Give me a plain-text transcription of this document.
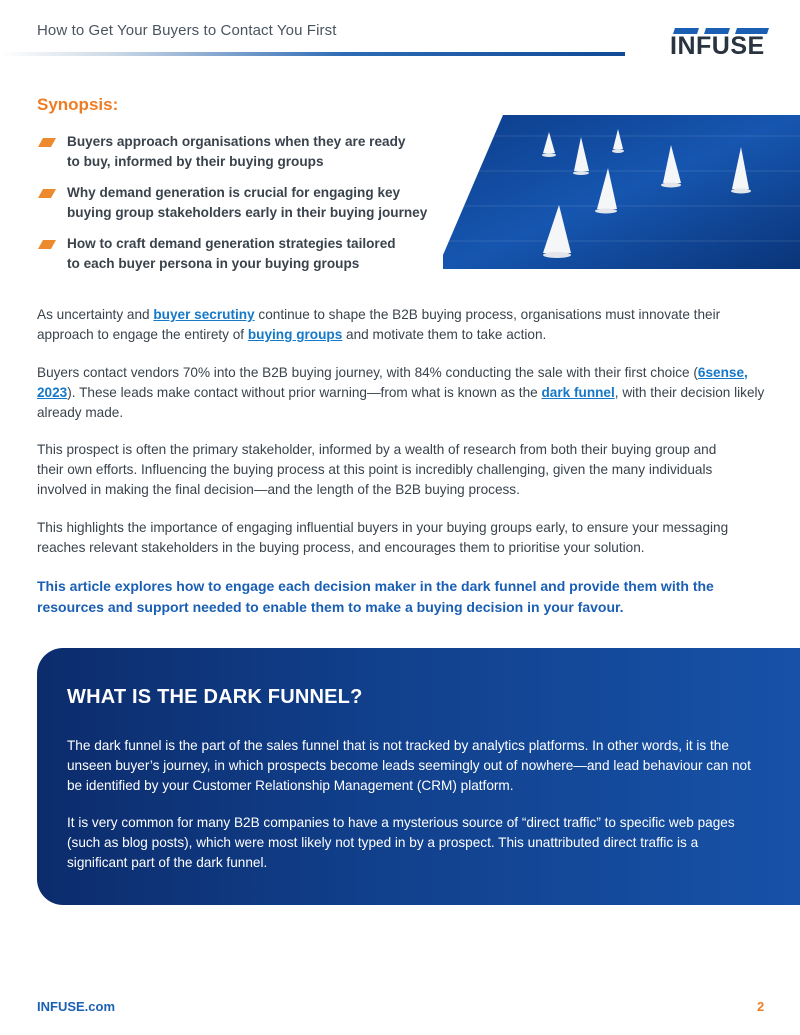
How to Get Your Buyers to Contact You First
INFUSE
Synopsis:
Buyers approach organisations when they are ready
to buy, informed by their buying groups
Why demand generation is crucial for engaging key
buying group stakeholders early in their buying journey
How to craft demand generation strategies tailored
to each buyer persona in your buying groups

As uncertainty and buyer secrutiny continue to shape the B2B buying process, organisations must innovate their approach to engage the entirety of buying groups and motivate them to take action.

Buyers contact vendors 70% into the B2B buying journey, with 84% conducting the sale with their first choice (6sense, 2023). These leads make contact without prior warning—from what is known as the dark funnel, with their decision likely already made.

This prospect is often the primary stakeholder, informed by a wealth of research from both their buying group and their own efforts. Influencing the buying process at this point is incredibly challenging, given the many individuals involved in making the final decision—and the length of the B2B buying process.

This highlights the importance of engaging influential buyers in your buying groups early, to ensure your messaging reaches relevant stakeholders in the buying process, and encourages them to prioritise your solution.

This article explores how to engage each decision maker in the dark funnel and provide them with the resources and support needed to enable them to make a buying decision in your favour.

WHAT IS THE DARK FUNNEL?

The dark funnel is the part of the sales funnel that is not tracked by analytics platforms. In other words, it is the unseen buyer’s journey, in which prospects become leads seemingly out of nowhere—and lead behaviour can not be identified by your Customer Relationship Management (CRM) platform.

It is very common for many B2B companies to have a mysterious source of “direct traffic” to specific web pages (such as blog posts), which were most likely not typed in by a prospect. This unattributed direct traffic is a significant part of the dark funnel.

INFUSE.com	2
